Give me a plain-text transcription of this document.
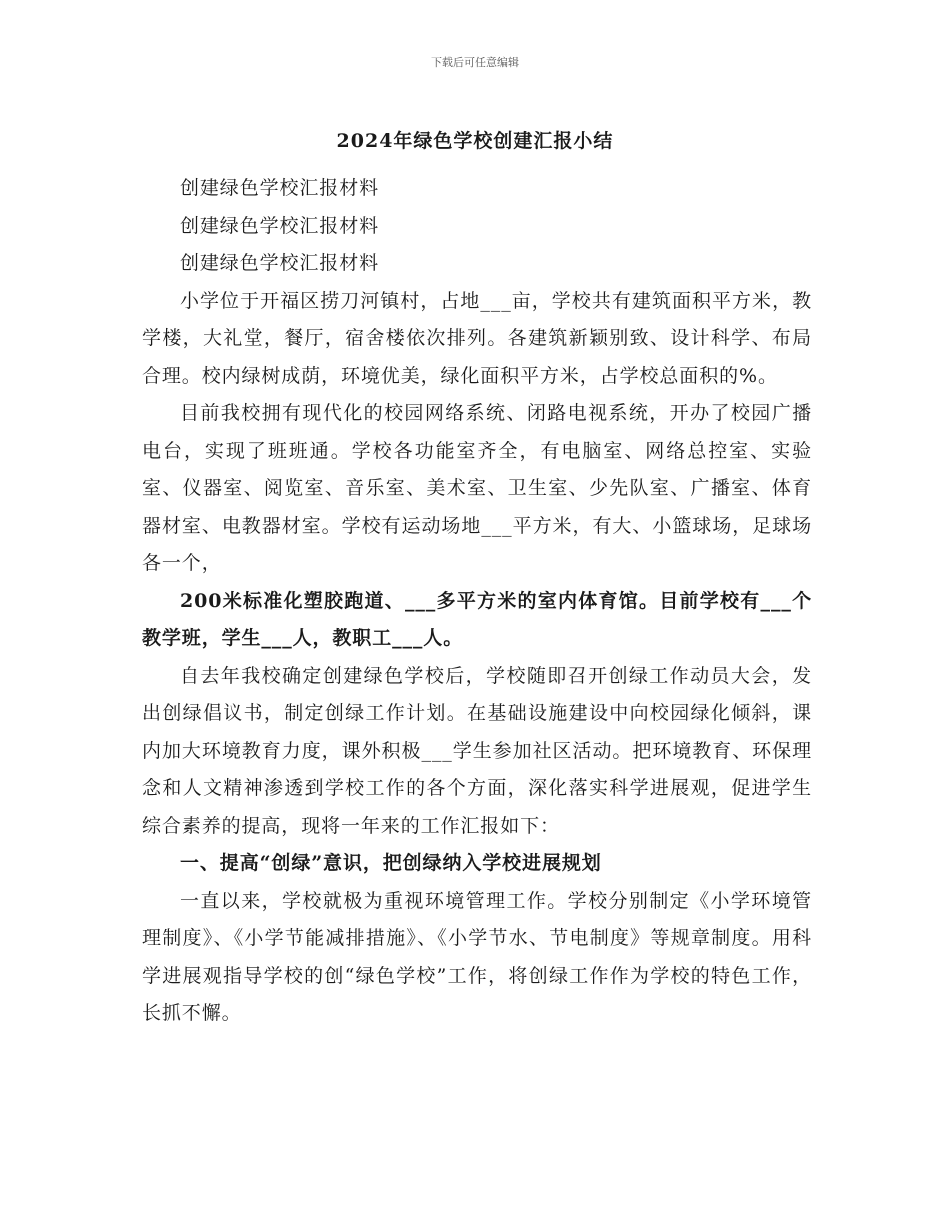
下载后可任意编辑
2024年绿色学校创建汇报小结

创建绿色学校汇报材料

创建绿色学校汇报材料

创建绿色学校汇报材料

小学位于开福区捞刀河镇村，占地___亩，学校共有建筑面积平方米，教学楼，大礼堂，餐厅，宿舍楼依次排列。各建筑新颖别致、设计科学、布局合理。校内绿树成荫，环境优美，绿化面积平方米，占学校总面积的%。

目前我校拥有现代化的校园网络系统、闭路电视系统，开办了校园广播电台，实现了班班通。学校各功能室齐全，有电脑室、网络总控室、实验室、仪器室、阅览室、音乐室、美术室、卫生室、少先队室、广播室、体育器材室、电教器材室。学校有运动场地___平方米，有大、小篮球场，足球场各一个，

200米标准化塑胶跑道、___多平方米的室内体育馆。目前学校有___个教学班，学生___人，教职工___人。

自去年我校确定创建绿色学校后，学校随即召开创绿工作动员大会，发出创绿倡议书，制定创绿工作计划。在基础设施建设中向校园绿化倾斜，课内加大环境教育力度，课外积极___学生参加社区活动。把环境教育、环保理念和人文精神渗透到学校工作的各个方面，深化落实科学进展观，促进学生综合素养的提高，现将一年来的工作汇报如下：

一、提高“创绿”意识，把创绿纳入学校进展规划

一直以来，学校就极为重视环境管理工作。学校分别制定《小学环境管理制度》、《小学节能减排措施》、《小学节水、节电制度》等规章制度。用科学进展观指导学校的创“绿色学校”工作，将创绿工作作为学校的特色工作，长抓不懈。
